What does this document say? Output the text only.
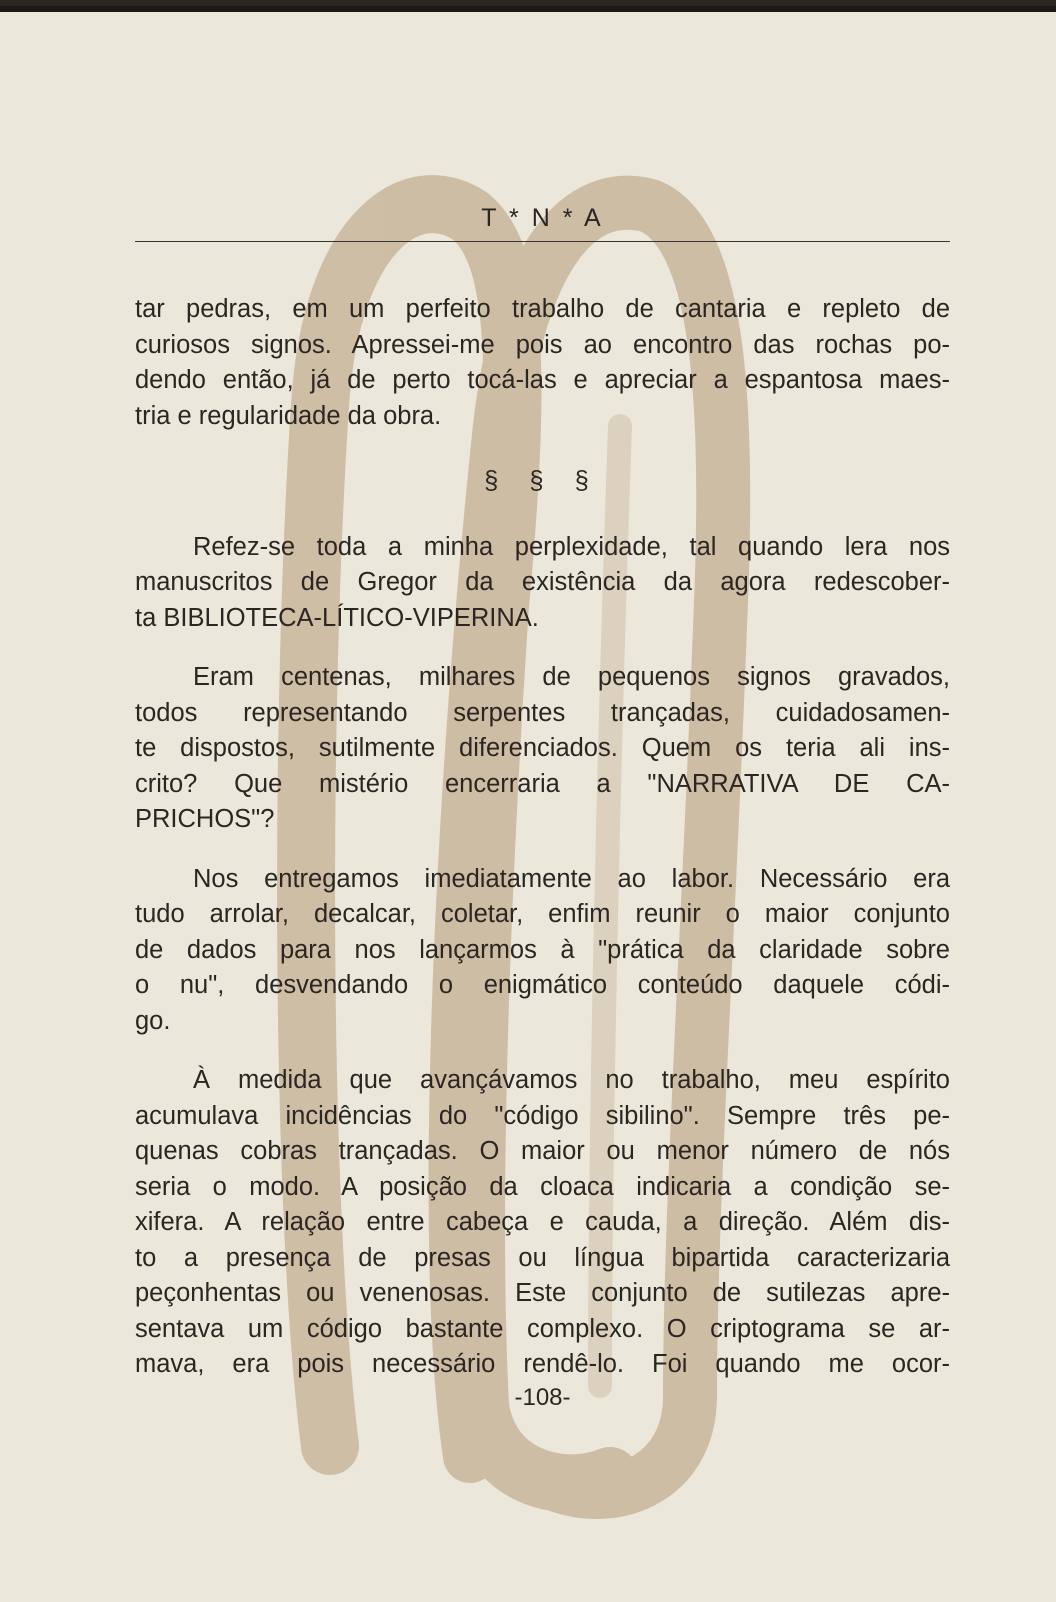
T * N * A

tar pedras, em um perfeito trabalho de cantaria e repleto de
curiosos signos. Apressei-me pois ao encontro das rochas po-
dendo então, já de perto tocá-las e apreciar a espantosa maes-
tria e regularidade da obra.

§ § §

Refez-se toda a minha perplexidade, tal quando lera nos
manuscritos de Gregor da existência da agora redescober-
ta BIBLIOTECA-LÍTICO-VIPERINA.

Eram centenas, milhares de pequenos signos gravados,
todos representando serpentes trançadas, cuidadosamen-
te dispostos, sutilmente diferenciados. Quem os teria ali ins-
crito? Que mistério encerraria a "NARRATIVA DE CA-
PRICHOS"?

Nos entregamos imediatamente ao labor. Necessário era
tudo arrolar, decalcar, coletar, enfim reunir o maior conjunto
de dados para nos lançarmos à "prática da claridade sobre
o nu", desvendando o enigmático conteúdo daquele códi-
go.

À medida que avançávamos no trabalho, meu espírito
acumulava incidências do "código sibilino". Sempre três pe-
quenas cobras trançadas. O maior ou menor número de nós
seria o modo. A posição da cloaca indicaria a condição se-
xifera. A relação entre cabeça e cauda, a direção. Além dis-
to a presença de presas ou língua bipartida caracterizaria
peçonhentas ou venenosas. Este conjunto de sutilezas apre-
sentava um código bastante complexo. O criptograma se ar-
mava, era pois necessário rendê-lo. Foi quando me ocor-

-108-
